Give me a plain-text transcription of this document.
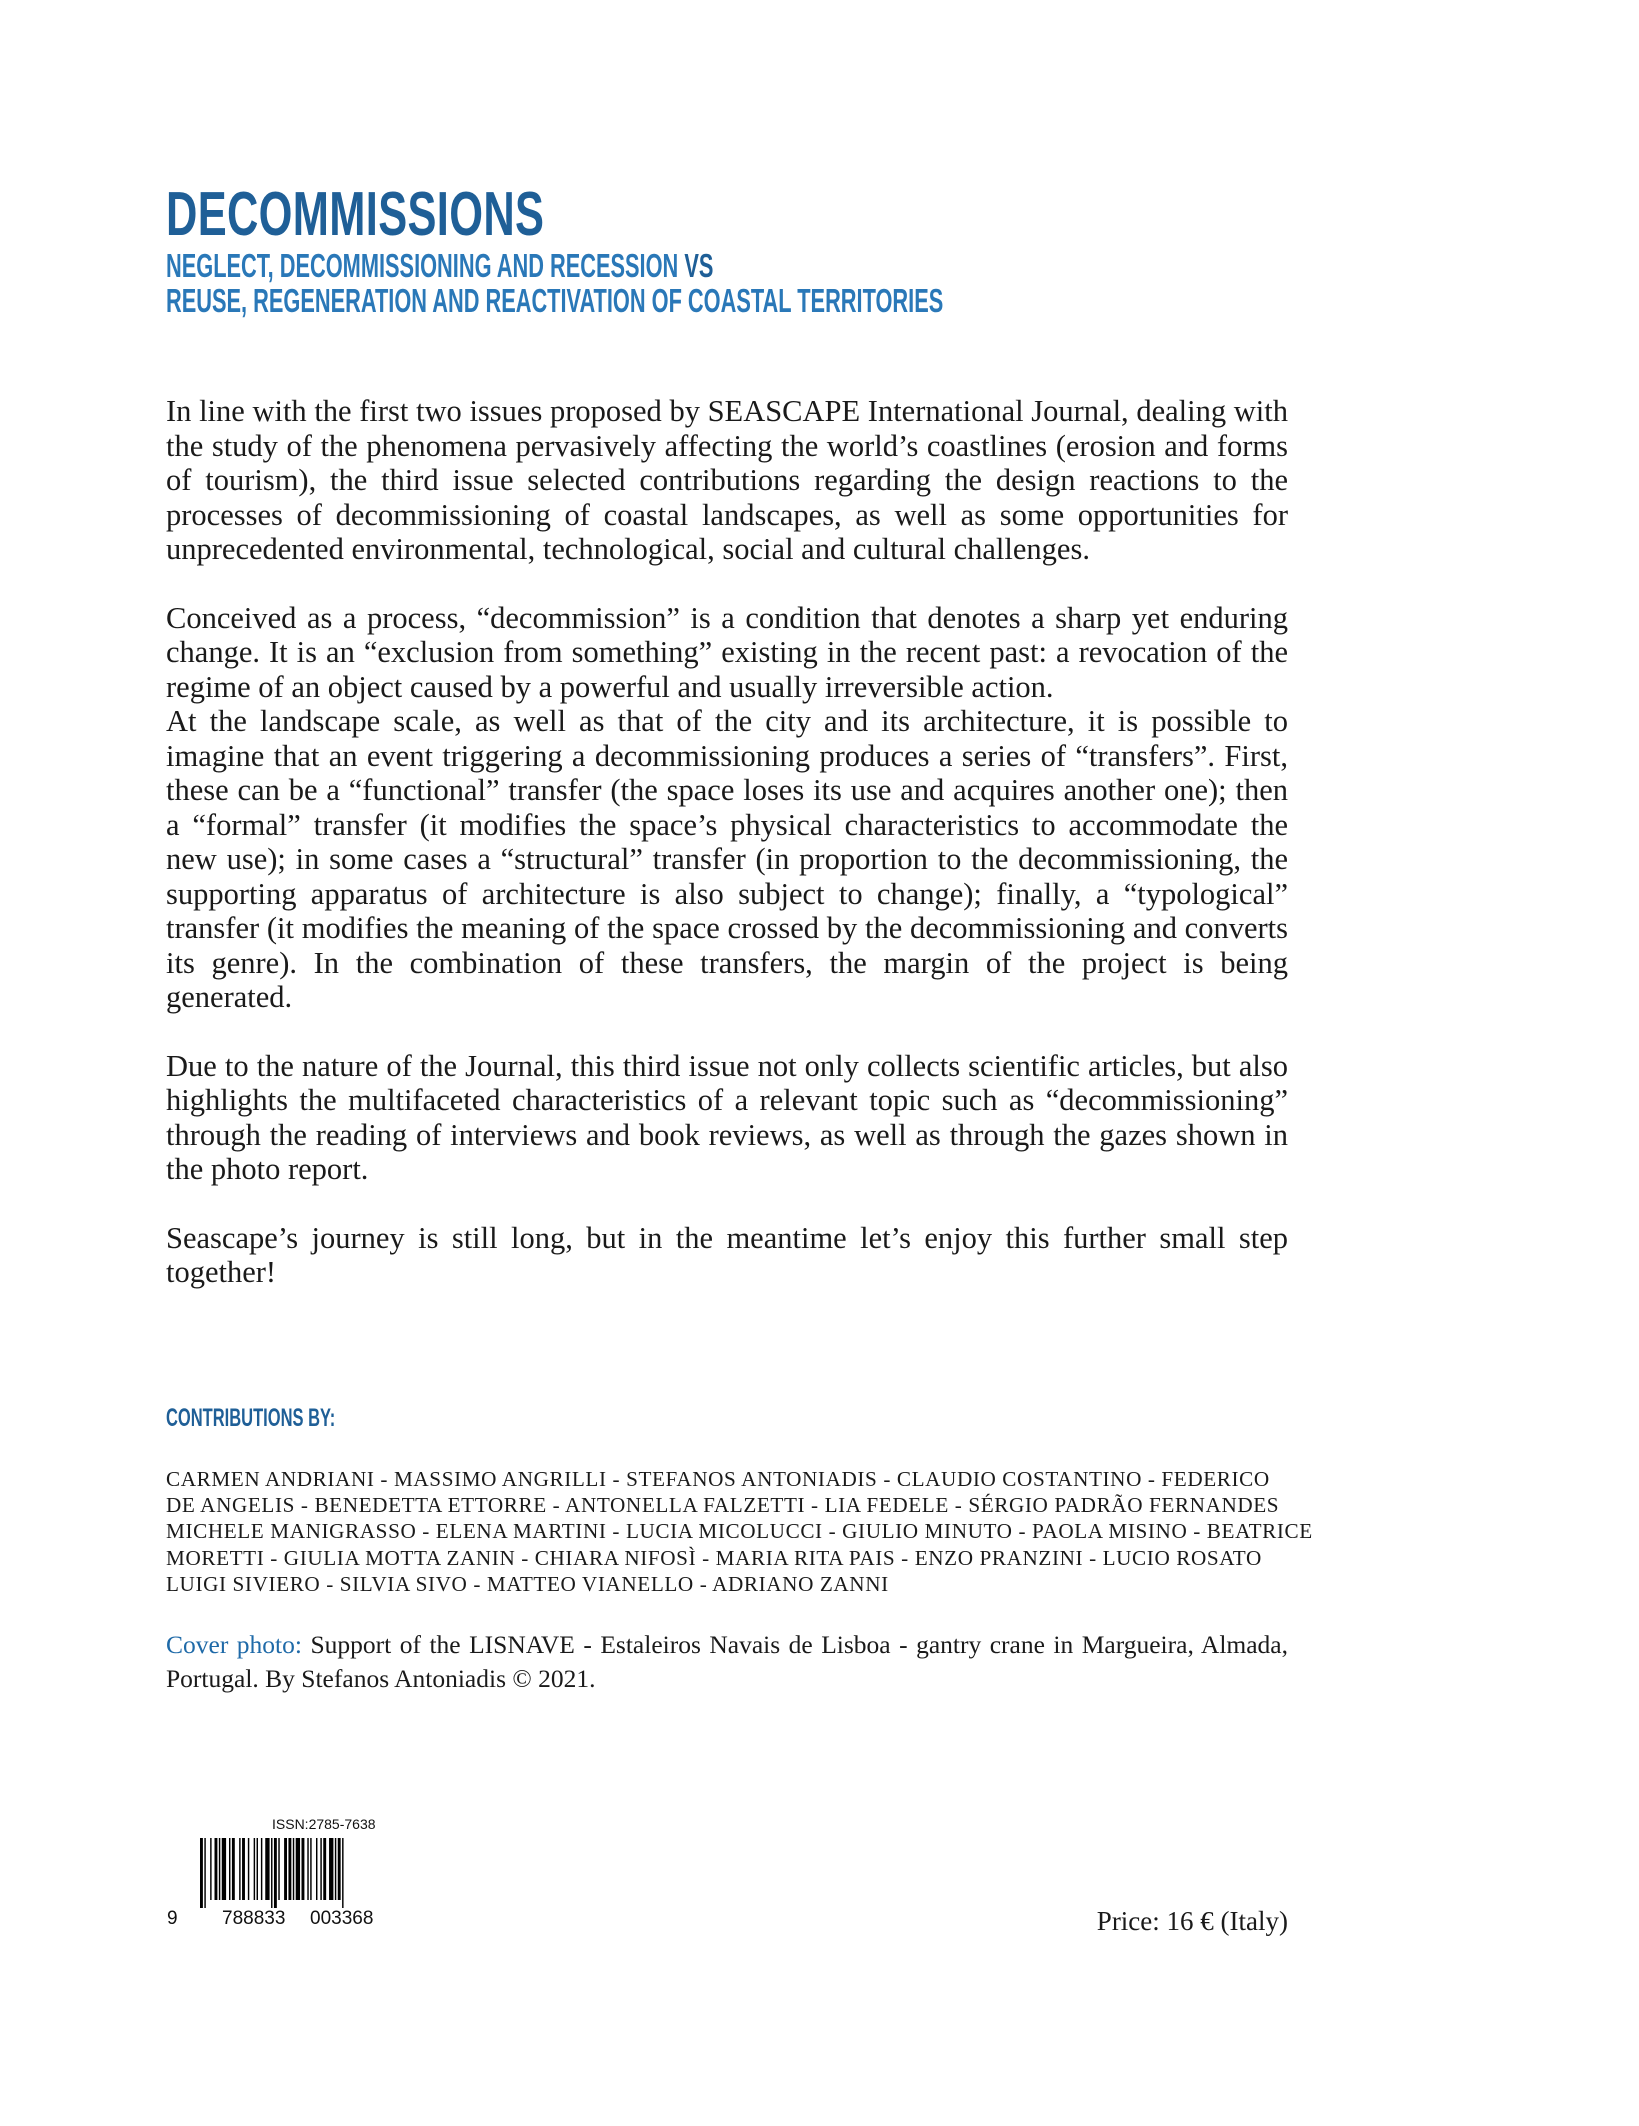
DECOMMISSIONS
NEGLECT, DECOMMISSIONING AND RECESSION VS
REUSE, REGENERATION AND REACTIVATION OF COASTAL TERRITORIES

In line with the first two issues proposed by SEASCAPE International Journal, dealing with the study of the phenomena pervasively affecting the world’s coastlines (erosion and forms of tourism), the third issue selected contributions regarding the design reactions to the processes of decommissioning of coastal landscapes, as well as some opportunities for unprecedented environmental, technological, social and cultural challenges.

Conceived as a process, “decommission” is a condition that denotes a sharp yet enduring change. It is an “exclusion from something” existing in the recent past: a revocation of the regime of an object caused by a powerful and usually irreversible action.

At the landscape scale, as well as that of the city and its architecture, it is possible to imagine that an event triggering a decommissioning produces a series of “transfers”. First, these can be a “functional” transfer (the space loses its use and acquires another one); then a “formal” transfer (it modifies the space’s physical characteristics to accommodate the new use); in some cases a “structural” transfer (in proportion to the decommissioning, the supporting apparatus of architecture is also subject to change); finally, a “typological” transfer (it modifies the meaning of the space crossed by the decommissioning and converts its genre). In the combination of these transfers, the margin of the project is being generated.

Due to the nature of the Journal, this third issue not only collects scientific articles, but also highlights the multifaceted characteristics of a relevant topic such as “decommissioning” through the reading of interviews and book reviews, as well as through the gazes shown in the photo report.

Seascape’s journey is still long, but in the meantime let’s enjoy this further small step together!

CONTRIBUTIONS BY:
CARMEN ANDRIANI - MASSIMO ANGRILLI - STEFANOS ANTONIADIS - CLAUDIO COSTANTINO - FEDERICO
DE ANGELIS - BENEDETTA ETTORRE - ANTONELLA FALZETTI - LIA FEDELE - SÉRGIO PADRÃO FERNANDES
MICHELE MANIGRASSO - ELENA MARTINI - LUCIA MICOLUCCI - GIULIO MINUTO - PAOLA MISINO - BEATRICE
MORETTI - GIULIA MOTTA ZANIN - CHIARA NIFOSÌ - MARIA RITA PAIS - ENZO PRANZINI - LUCIO ROSATO
LUIGI SIVIERO - SILVIA SIVO - MATTEO VIANELLO - ADRIANO ZANNI

Cover photo: Support of the LISNAVE - Estaleiros Navais de Lisboa - gantry crane in Margueira, Almada, Portugal. By Stefanos Antoniadis © 2021.

ISSN:2785-7638
9 788833 003368	Price: 16 € (Italy)
